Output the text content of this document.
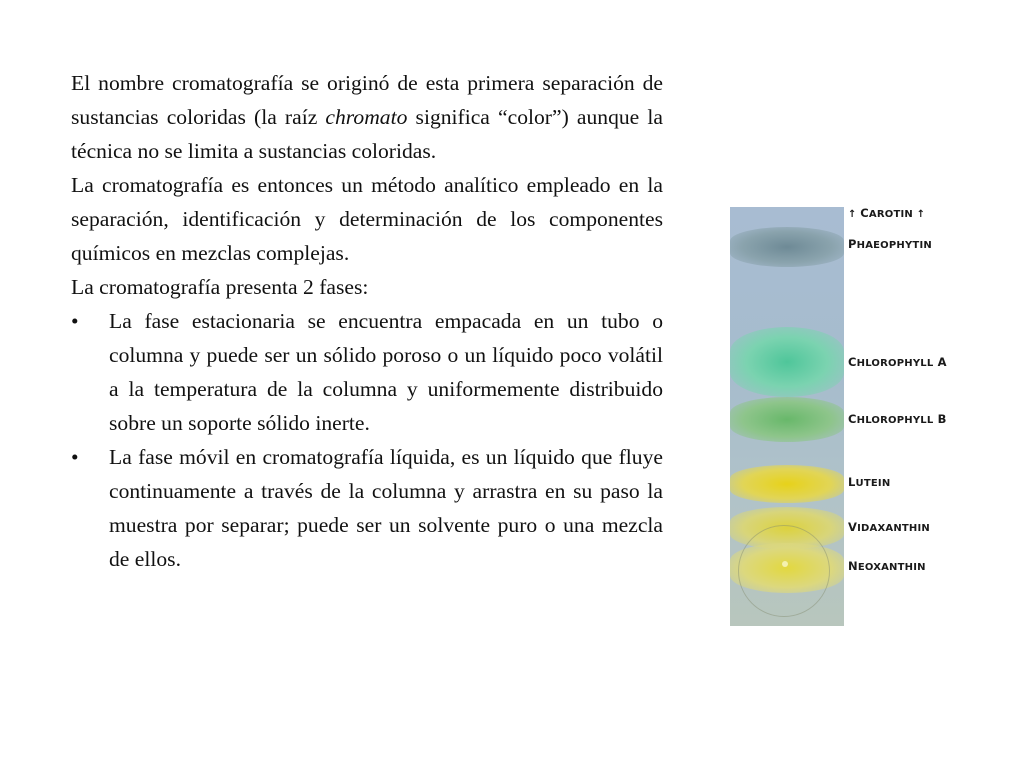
El nombre cromatografía se originó de esta primera separación de sustancias coloridas (la raíz chromato significa “color”) aunque la técnica no se limita a sustancias coloridas.

La cromatografía es entonces un método analítico empleado en la separación, identificación y determinación de los componentes químicos en mezclas complejas.

La cromatografía presenta 2 fases:

• La fase estacionaria se encuentra empacada en un tubo o columna y puede ser un sólido poroso o un líquido poco volátil a la temperatura de la columna y uniformemente distribuido sobre un soporte sólido inerte.
• La fase móvil en cromatografía líquida, es un líquido que fluye continuamente a través de la columna y arrastra en su paso la muestra por separar; puede ser un solvente puro o una mezcla de ellos.
↑ CAROTIN ↑
PHAEOPHYTIN
CHLOROPHYLL A
CHLOROPHYLL B
LUTEIN
VIDAXANTHIN
NEOXANTHIN
